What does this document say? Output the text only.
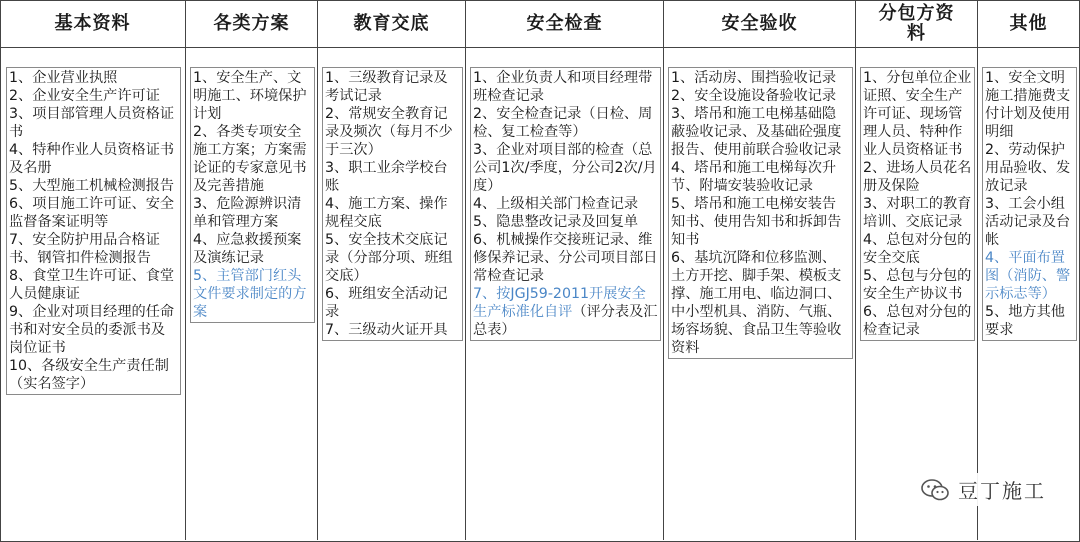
基本资料

1、企业营业执照

2、企业安全生产许可证

3、项目部管理人员资格证书

4、特种作业人员资格证书及名册

5、大型施工机械检测报告

6、项目施工许可证、安全监督备案证明等

7、安全防护用品合格证书、钢管扣件检测报告

8、食堂卫生许可证、食堂人员健康证

9、企业对项目经理的任命书和对安全员的委派书及岗位证书

10、各级安全生产责任制（实名签字）

各类方案

1、安全生产、文明施工、环境保护计划

2、各类专项安全施工方案；方案需论证的专家意见书及完善措施

3、危险源辨识清单和管理方案

4、应急救援预案及演练记录

5、主管部门红头文件要求制定的方案

教育交底

1、三级教育记录及考试记录

2、常规安全教育记录及频次（每月不少于三次）

3、职工业余学校台账

4、施工方案、操作规程交底

5、安全技术交底记录（分部分项、班组交底）

6、班组安全活动记录

7、三级动火证开具

安全检查

1、企业负责人和项目经理带班检查记录

2、安全检查记录（日检、周检、复工检查等）

3、企业对项目部的检查（总公司1次/季度，分公司2次/月度）

4、上级相关部门检查记录

5、隐患整改记录及回复单

6、机械操作交接班记录、维修保养记录、分公司项目部日常检查记录

7、按JGJ59-2011开展安全生产标准化自评（评分表及汇总表）

安全验收

1、活动房、围挡验收记录

2、安全设施设备验收记录

3、塔吊和施工电梯基础隐蔽验收记录、及基础砼强度报告、使用前联合验收记录

4、塔吊和施工电梯每次升节、附墙安装验收记录

5、塔吊和施工电梯安装告知书、使用告知书和拆卸告知书

6、基坑沉降和位移监测、土方开挖、脚手架、模板支撑、施工用电、临边洞口、中小型机具、消防、气瓶、场容场貌、食品卫生等验收资料

分包方资料

1、分包单位企业证照、安全生产许可证、现场管理人员、特种作业人员资格证书

2、进场人员花名册及保险

3、对职工的教育培训、交底记录

4、总包对分包的安全交底

5、总包与分包的安全生产协议书

6、总包对分包的检查记录

其他

1、安全文明施工措施费支付计划及使用明细

2、劳动保护用品验收、发放记录

3、工会小组活动记录及台帐

4、平面布置图（消防、警示标志等）

5、地方其他要求

豆丁施工
